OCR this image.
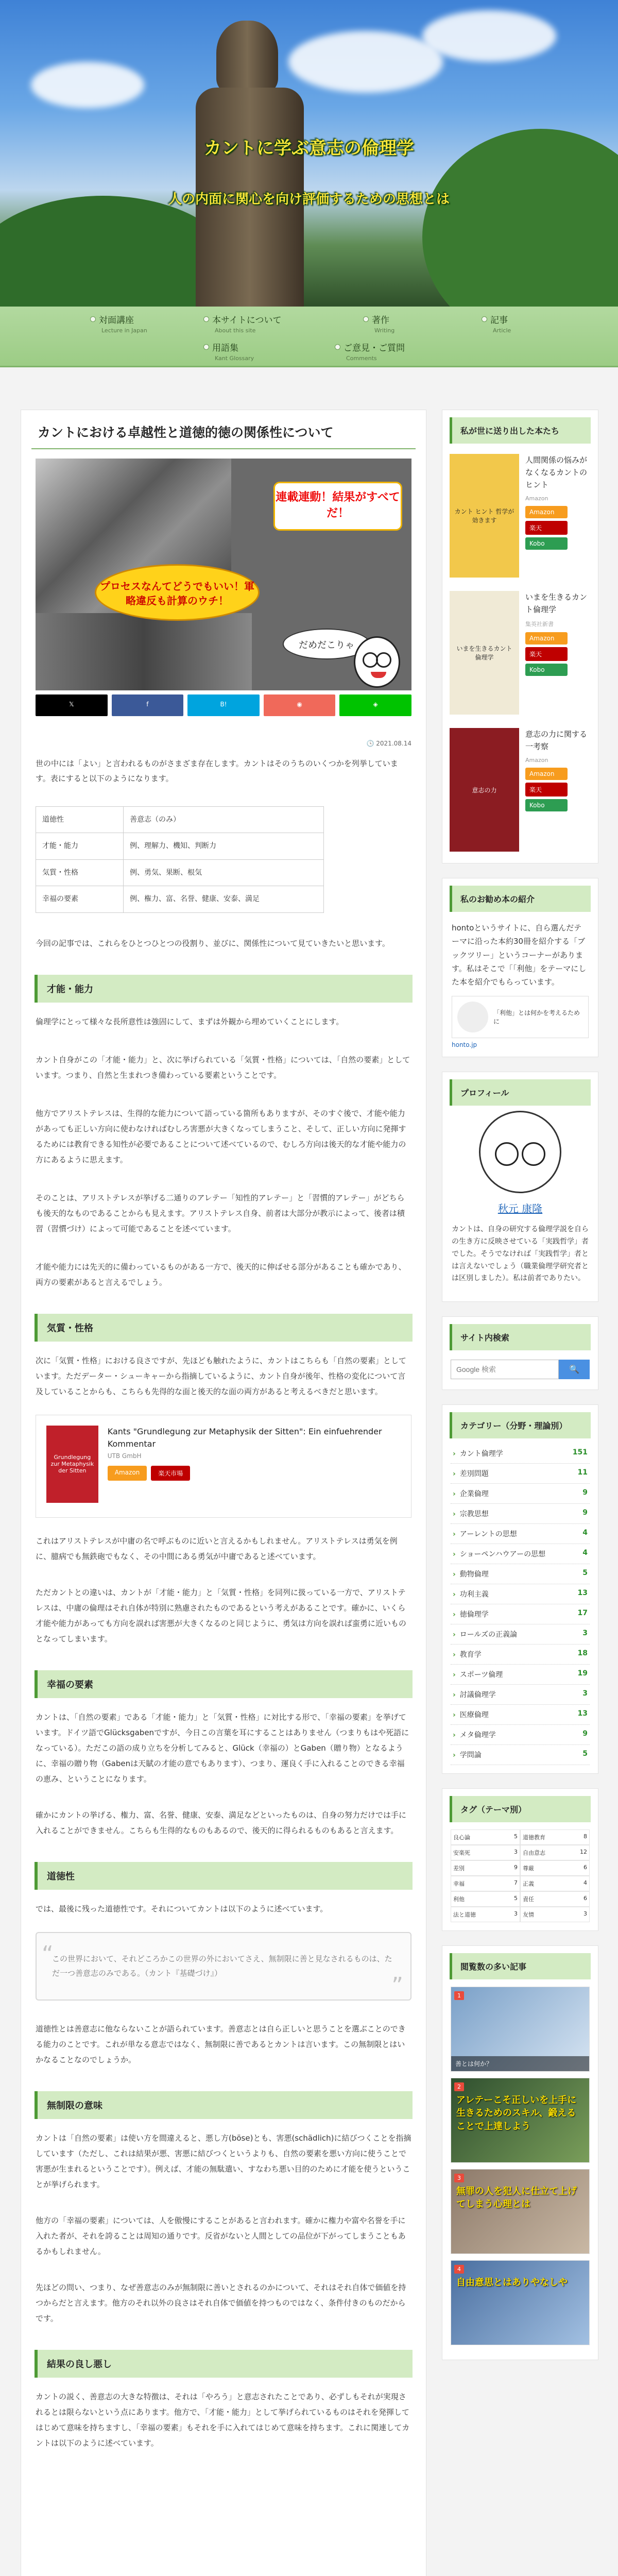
カントに学ぶ意志の倫理学
人の内面に関心を向け評価するための思想とは
対面講座
Lecture in Japan
本サイトについて
About this site
著作
Writing
記事
Article
用語集
Kant Glossary
ご意見・ご質問
Comments
カントにおける卓越性と道徳的徳の関係性について
連載連動！結果がすべてだ！
プロセスなんてどうでもいい！軍略違反も計算のウチ！
だめだこりゃ
𝕏
ポスト
f
シェア
B!
はてブ
◉
Pocket
◈
LINE
🕓 2021.08.14

世の中には「よい」と言われるものがさまざま存在します。カントはそのうちのいくつかを列挙しています。表にすると以下のようになります。

道徳性	善意志（のみ）
才能・能力	例、理解力、機知、判断力
気質・性格	例、勇気、果断、根気
幸福の要素	例、権力、富、名誉、健康、安泰、満足

今回の記事では、これらをひとつひとつの役割り、並びに、関係性について見ていきたいと思います。

才能・能力

倫理学にとって様々な長所意性は強固にして、まずは外観から埋めていくことにします。

カント自身がこの「才能・能力」と、次に挙げられている「気質・性格」については、「自然の要素」としています。つまり、自然と生まれつき備わっている要素ということです。

他方でアリストテレスは、生得的な能力について語っている箇所もありますが、そのすぐ後で、才能や能力があっても正しい方向に使わなければむしろ害悪が大きくなってしまうこと、そして、正しい方向に発揮するためには教育できる知性が必要であることについて述べているので、むしろ方向は後天的な才能や能力の方にあるように思えます。

そのことは、アリストテレスが挙げる二通りのアレテー「知性的アレテー」と「習慣的アレテー」がどちらも後天的なものであることからも見えます。アリストテレス自身、前者は大部分が教示によって、後者は積習（習慣づけ）によって可能であることを述べています。

才能や能力には先天的に備わっているものがある一方で、後天的に伸ばせる部分があることも確かであり、両方の要素があると言えるでしょう。

気質・性格

次に「気質・性格」における良さですが、先ほども触れたように、カントはこちらも「自然の要素」としています。ただデーター・シューキャーから指摘しているように、カント自身が後年、性格の変化について言及していることからも、こちらも先得的な面と後天的な面の両方があると考えるべきだと思います。

Grundlegung zur Metaphysik der Sitten
Kants "Grundlegung zur Metaphysik der Sitten": Ein einfuehrender Kommentar
UTB GmbH
Amazon	楽天市場

これはアリストテレスが中庸の名で呼ぶものに近いと言えるかもしれません。アリストテレスは勇気を例に、臆病でも無鉄砲でもなく、その中間にある勇気が中庸であると述べています。

ただカントとの違いは、カントが「才能・能力」と「気質・性格」を同列に扱っている一方で、アリストテレスは、中庸の倫理はそれ自体が特別に熟慮されたものであるという考えがあることです。確かに、いくら才能や能力があっても方向を誤れば害悪が大きくなるのと同じように、勇気は方向を誤れば蛮勇に近いものとなってしまいます。

幸福の要素

カントは、「自然の要素」である「才能・能力」と「気質・性格」に対比する形で、「幸福の要素」を挙げています。ドイツ語でGlücksgabenですが、今日この言葉を耳にすることはありません（つまりもはや死語になっている）。ただこの語の成り立ちを分析してみると、Glück（幸福の）とGaben（贈り物）となるように、幸福の贈り物（Gabenは天賦の才能の意でもあります）、つまり、運良く手に入れることのできる幸福の恵み、ということになります。

確かにカントの挙げる、権力、富、名誉、健康、安泰、満足などといったものは、自身の努力だけでは手に入れることができません。こちらも生得的なものもあるので、後天的に得られるものもあると言えます。

道徳性

では、最後に残った道徳性です。それについてカントは以下のように述べています。

“ この世界において、それどころかこの世界の外においてさえ、無制限に善と見なされるものは、ただ一つ善意志のみである。（カント『基礎づけ』） ”

道徳性とは善意志に他ならないことが語られています。善意志とは自ら正しいと思うことを選ぶことのできる能力のことです。これが単なる意志ではなく、無制限に善であるとカントは言います。この無制限とはいかなることなのでしょうか。

無制限の意味

カントは「自然の要素」は使い方を間違えると、悪し方(böse)とも、害悪(schädlich)に結びつくことを指摘しています（ただし、これは結果が悪、害悪に結びつくというよりも、自然の要素を悪い方向に使うことで害悪が生まれるということです）。例えば、才能の無駄遣い、すなわち悪い目的のために才能を使うということが挙げられます。

他方の「幸福の要素」については、人を傲慢にすることがあると言われます。確かに権力や富や名誉を手に入れた者が、それを誇ることは周知の通りです。反省がないと人間としての品位が下がってしまうこともあるかもしれません。

先ほどの問い、つまり、なぜ善意志のみが無制限に善いとされるのかについて、それはそれ自体で価値を持つからだと言えます。他方のそれ以外の良さはそれ自体で価値を持つものではなく、条件付きのものだからです。

結果の良し悪し

カントの説く、善意志の大きな特徴は、それは「やろう」と意志されたことであり、必ずしもそれが実現されるとは限らないという点にあります。他方で、「才能・能力」として挙げられているものはそれを発揮してはじめて意味を持ちますし、「幸福の要素」もそれを手に入れてはじめて意味を持ちます。これに関連してカントは以下のように述べています。

私が世に送り出した本たち
カント ヒント 哲学が効きます
人間関係の悩みがなくなるカントのヒント
Amazon
Amazon
楽天
Kobo
いまを生きるカント倫理学
いまを生きるカント倫理学
集英社新書
Amazon
楽天
Kobo
意志の力
意志の力に関する一考察
Amazon
Amazon
楽天
Kobo
私のお勧め本の紹介
hontoというサイトに、自ら選んだテーマに沿った本約30冊を紹介する「ブックツリー」というコーナーがあります。私はそこで「「利他」をテーマにした本を紹介でもらっています。
「利他」とは何かを考えるために
honto.jp
プロフィール
秋元 康隆
カントは、自身の研究する倫理学説を自らの生き方に反映させている「実践哲学」者でした。そうでなければ「実践哲学」者とは言えないでしょう（職業倫理学研究者とは区別しました）。私は前者でありたい。
サイト内検索
Google 検索
🔍
カテゴリー（分野・理論別）
› カント倫理学	151
› 差別問題	11
› 企業倫理	9
› 宗教思想	9
› アーレントの思想	4
› ショーペンハウアーの思想	4
› 動物倫理	5
› 功利主義	13
› 徳倫理学	17
› ロールズの正義論	3
› 教育学	18
› スポーツ倫理	19
› 討議倫理学	3
› 医療倫理	13
› メタ倫理学	9
› 学問論	5
タグ（テーマ別）
良心論	5 道徳教育	8
安楽死	3 自由意志	12
差別	9 尊厳	6
幸福	7 正義	4
利他	5 責任	6
法と道徳	3 友情	3
閲覧数の多い記事
1
善とは何か？
2
アレテーこそ正しいを上手に生きるためのスキル、鍛えることで上達しよう
3
無罪の人を犯人に仕立て上げてしまう心理とは
4
自由意思とはありやなしや
